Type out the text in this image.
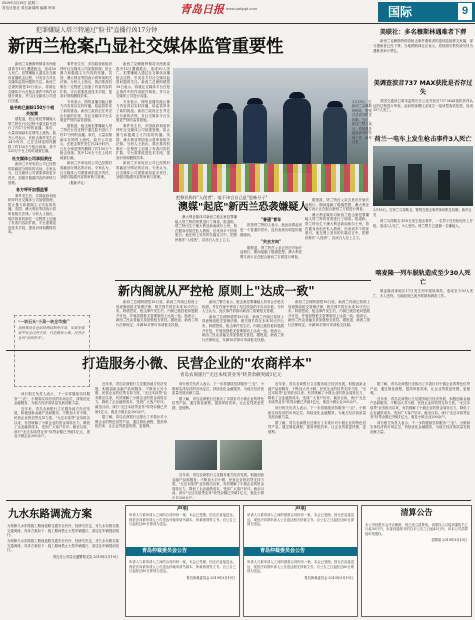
2019年3月19日 星期二
青岛日报社 青岛新闻网 编辑 审读	青岛日报 www.dailyqd.com	国际	9
犯罪嫌疑人塔兰特通过"脸书"直播行凶17分钟
新西兰枪案凸显社交媒体监管重要性

新西兰克赖斯特彻奇市两座清真寺15日遭遇枪击，造成50人死亡。犯罪嫌疑人通过社交媒体直播枪击过程，引发各方对社交媒体监管问题的关注。新西兰总理阿德恩18日表示，将就社交媒体平台在枪击事件中的作用展开调查，并与社交媒体公司进行沟通。

脸书称已删除150万个相关视频

据报道，枪击案犯罪嫌疑人塔兰特在行凶过程中通过脸书进行了约17分钟的直播。事后，大量视频副本在网络上流传。脸书公司表示，在枪击事件发生后24小时内，已在全球范围内删除了约150万个枪击视频，其中120万个在上传时就被拦截。

社交媒体公司承担责任

新西兰多家电信公司已经暂时屏蔽部分网站的访问。专家认为，社交媒体公司需要承担更多责任，加强对极端内容的审核与管理。

各方呼吁加强监管

事件发生后，多国政府和组织呼吁社交媒体公司加强管理，防止暴力和极端主义内容的传播。英国、澳大利亚等国表示将审视相关法律。分析人士指出，算法推荐机制在一定程度上加速了有害内容的扩散，平台需要改进技术手段，提高识别和删除效率。

事件发生后，多国政府和组织呼吁社交媒体公司加强管理，防止暴力和极端主义内容的传播。英国、澳大利亚等国表示将审视相关法律。分析人士指出，算法推荐机制在一定程度上加速了有害内容的扩散，平台需要改进技术手段，提高识别和删除效率。

专家表示，网络直播功能让暴力内容得以实时传播，给监管带来了新的挑战。新西兰政府正在考虑出台新的法规，对社交媒体平台实施更严格的监管措施。

据报道，枪击案犯罪嫌疑人塔兰特在行凶过程中通过脸书进行了约17分钟的直播。事后，大量视频副本在网络上流传。脸书公司表示，在枪击事件发生后24小时内，已在全球范围内删除了约150万个枪击视频，其中120万个在上传时就被拦截。

新西兰多家电信公司已经暂时屏蔽部分网站的访问。专家认为，社交媒体公司需要承担更多责任，加强对极端内容的审核与管理。

（据新华社）

新西兰克赖斯特彻奇市两座清真寺15日遭遇枪击，造成50人死亡。犯罪嫌疑人通过社交媒体直播枪击过程，引发各方对社交媒体监管问题的关注。新西兰总理阿德恩18日表示，将就社交媒体平台在枪击事件中的作用展开调查，并与社交媒体公司进行沟通。

专家表示，网络直播功能让暴力内容得以实时传播，给监管带来了新的挑战。新西兰政府正在考虑出台新的法规，对社交媒体平台实施更严格的监管措施。

事件发生后，多国政府和组织呼吁社交媒体公司加强管理，防止暴力和极端主义内容的传播。英国、澳大利亚等国表示将审视相关法律。分析人士指出，算法推荐机制在一定程度上加速了有害内容的扩散，平台需要改进技术手段，提高识别和删除效率。

新西兰多家电信公司已经暂时屏蔽部分网站的访问。专家认为，社交媒体公司需要承担更多责任，加强对极端内容的审核与管理。

3月18日，在新西兰克赖斯特彻奇，警察在清真寺附近执勤。当日，新西兰警方表示，将加强各地清真寺的安保工作。新华社发
把移民称作"入侵者"，毫不讳言自己是"恐怖分子"
澳媒"起底"新西兰恐袭嫌疑人

澳大利亚媒体对新西兰枪击案犯罪嫌疑人塔兰特的背景进行了调查。报道称，塔兰特出生于澳大利亚新南威尔士州，曾在健身房担任私人教练，后来到多个国家旅行。他在网上发布的长篇宣言中，把移民称作"入侵者"，宣扬白人至上主义。

"普通"青年

熟悉塔兰特的人表示，他此前看起来是一个普通的青年，没有表现出明显的极端倾向。

"失去方向"

据报道，塔兰特在父亲去世后开始长途旅行，期间接触了极端思想。澳大利亚警方表示正在配合新西兰方面进行调查。

据报道，塔兰特在父亲去世后开始长途旅行，期间接触了极端思想。澳大利亚警方表示正在配合新西兰方面进行调查。

澳大利亚媒体对新西兰枪击案犯罪嫌疑人塔兰特的背景进行了调查。报道称，塔兰特出生于澳大利亚新南威尔士州，曾在健身房担任私人教练，后来到多个国家旅行。他在网上发布的长篇宣言中，把移民称作"入侵者"，宣扬白人至上主义。

新内阁就从严控枪 原则上"达成一致"

新西兰总理阿德恩18日说，新西兰内阁已原则上同意修改枪支管理法律，相关细节将在未来10天内公布。阿德恩说，枪击事件发生后，内阁已就控枪问题展开讨论，并就加强枪支管理原则上达成一致。她表示，新西兰民众普遍支持加强枪支管控。据报道，新西兰现行法律规定，年满16岁即可申请枪支执照。

新西兰警方表示，枪击案犯罪嫌疑人持有合法枪支执照，并在作案中使用了经过改装的半自动步枪。分析人士认为，此次事件将推动新西兰收紧枪支管理。

新西兰总理阿德恩18日说，新西兰内阁已原则上同意修改枪支管理法律，相关细节将在未来10天内公布。阿德恩说，枪击事件发生后，内阁已就控枪问题展开讨论，并就加强枪支管理原则上达成一致。她表示，新西兰民众普遍支持加强枪支管控。据报道，新西兰现行法律规定，年满16岁即可申请枪支执照。

新西兰总理阿德恩18日说，新西兰内阁已原则上同意修改枪支管理法律，相关细节将在未来10天内公布。阿德恩说，枪击事件发生后，内阁已就控枪问题展开讨论，并就加强枪支管理原则上达成一致。她表示，新西兰民众普遍支持加强枪支管控。据报道，新西兰现行法律规定，年满16岁即可申请枪支执照。

美联社：多名穆斯林遇难者下葬

新西兰克赖斯特彻奇枪击事件遇难者的遗体陆续移交家属，部分遇难者已经下葬。当地穆斯林社区表示，将按照宗教传统尽快为遇难者举行葬礼。

美调查波音737 MAX获批是否存过失

美国交通部已要求监察长办公室对波音737 MAX客机获得认证的过程进行审查。此前埃塞俄比亚航空一架该型客机坠毁，造成157人死亡。

荷兰一电车上发生枪击事件3人死亡
3月18日，在荷兰乌得勒支，警察在枪击事件现场附近执勤。新华社发

荷兰乌得勒支市18日发生枪击事件，一名男子在有轨电车上开枪，造成3人死亡，9人受伤。荷兰警方已逮捕一名嫌疑人。

喀麦隆一列车脱轨造成至少30人死亡

喀麦隆西部地区17日发生列车脱轨事故，造成至少30人死亡，多人受伤。当地政府已展开救援和调查工作。

"一块石头"小菜一块全市推广
加快推动农业供给侧结构性改革，培育发展新型农业经营主体，打造服务小微、民营企业的"农商样本"。
打造服务小微、民营企业的"农商样本"
青岛农商银行"无还本续贷业务"转贷余额突破1亿元

近年来，青岛农商银行立足服务地方经济发展，积极创新金融产品和服务，不断加大对小微、民营企业的信贷支持力度。"无还本续贷"业务推出以来，有效缓解了小微企业的资金周转压力，降低了企业融资成本，受到广大客户好评。截至目前，该行"无还本续贷业务"转贷余额已突破1亿元，惠及小微企业200余户。

据了解，青岛农商银行还推出了多款针对小微企业的特色信贷产品，通过简化流程、提高审批效率，让企业贷款更快捷、更便利。

该行相关负责人表示，下一步将继续坚持服务"三农"、小微和实体经济的市场定位，持续优化金融服务，为地方经济高质量发展贡献力量。

据了解，青岛农商银行还推出了多款针对小微企业的特色信贷产品，通过简化流程、提高审批效率，让企业贷款更快捷、更便利。

近年来，青岛农商银行立足服务地方经济发展，积极创新金融产品和服务，不断加大对小微、民营企业的信贷支持力度。"无还本续贷"业务推出以来，有效缓解了小微企业的资金周转压力，降低了企业融资成本，受到广大客户好评。截至目前，该行"无还本续贷业务"转贷余额已突破1亿元，惠及小微企业200余户。

近年来，青岛农商银行立足服务地方经济发展，积极创新金融产品和服务，不断加大对小微、民营企业的信贷支持力度。"无还本续贷"业务推出以来，有效缓解了小微企业的资金周转压力，降低了企业融资成本，受到广大客户好评。截至目前，该行"无还本续贷业务"转贷余额已突破1亿元，惠及小微企业200余户。

该行相关负责人表示，下一步将继续坚持服务"三农"、小微和实体经济的市场定位，持续优化金融服务，为地方经济高质量发展贡献力量。

据了解，青岛农商银行还推出了多款针对小微企业的特色信贷产品，通过简化流程、提高审批效率，让企业贷款更快捷、更便利。

据了解，青岛农商银行还推出了多款针对小微企业的特色信贷产品，通过简化流程、提高审批效率，让企业贷款更快捷、更便利。

近年来，青岛农商银行立足服务地方经济发展，积极创新金融产品和服务，不断加大对小微、民营企业的信贷支持力度。"无还本续贷"业务推出以来，有效缓解了小微企业的资金周转压力，降低了企业融资成本，受到广大客户好评。截至目前，该行"无还本续贷业务"转贷余额已突破1亿元，惠及小微企业200余户。

该行相关负责人表示，下一步将继续坚持服务"三农"、小微和实体经济的市场定位，持续优化金融服务，为地方经济高质量发展贡献力量。

该行相关负责人表示，下一步将继续坚持服务"三农"、小微和实体经济的市场定位，持续优化金融服务，为地方经济高质量发展贡献力量。

近年来，青岛农商银行立足服务地方经济发展，积极创新金融产品和服务，不断加大对小微、民营企业的信贷支持力度。"无还本续贷"业务推出以来，有效缓解了小微企业的资金周转压力，降低了企业融资成本，受到广大客户好评。截至目前，该行"无还本续贷业务"转贷余额已突破1亿元，惠及小微企业200余户。

九水东路调流方案
为保障九水东路施工期间道路交通安全有序，经研究决定，对九水东路实施交通调流，具体方案如下：施工期间禁止大型车辆通行，请过往车辆提前绕行。
为保障九水东路施工期间道路交通安全有序，经研究决定，对九水东路实施交通调流，具体方案如下：施工期间禁止大型车辆通行，请过往车辆提前绕行。
青岛市公安局交通警察支队 2019年3月19日
声明
申请人与被申请人之间的合同纠纷一案，本会已受理。因无法直接送达，现依法向被申请人公告送达仲裁申请书副本、仲裁规则等文书。自公告之日起经过60日即视为送达。
青岛仲裁委员会公告
申请人与被申请人之间的合同纠纷一案，本会已受理。因无法直接送达，现依法向被申请人公告送达仲裁申请书副本、仲裁规则等文书。自公告之日起经过60日即视为送达。
青岛仲裁委员会 2019年3月19日
声明
申请人与被申请人之间的借款合同纠纷一案，本会已受理。因无法直接送达，现依法向被申请人公告送达相关仲裁文书。自公告之日起经过60日即视为送达。
青岛仲裁委员会公告
申请人与被申请人之间的借款合同纠纷一案，本会已受理。因无法直接送达，现依法向被申请人公告送达相关仲裁文书。自公告之日起经过60日即视为送达。
青岛仲裁委员会 2019年3月19日
清算公告
本公司经股东会决议解散，现已成立清算组。请债权人自接到通知书之日起30日内，未接到通知书的自本公告之日起45日内，向本公司清算组申报债权。
清算组 2019年3月19日
